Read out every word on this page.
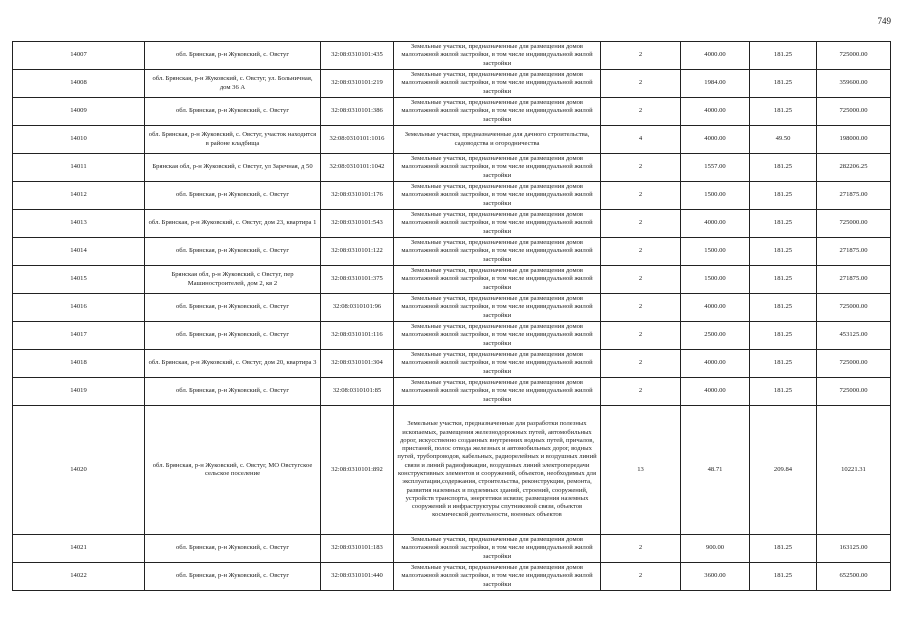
749
14007	обл. Брянская, р-н Жуковский, с. Овстуг	32:08:0310101:435	Земельные участки, предназначенные для размещения домов малоэтажной жилой застройки, в том числе индивидуальной жилой застройки	2	4000.00	181.25	725000.00
14008	обл. Брянская, р-н Жуковский, с. Овстуг, ул. Больничная, дом 36 А	32:08:0310101:219	Земельные участки, предназначенные для размещения домов малоэтажной жилой застройки, в том числе индивидуальной жилой застройки	2	1984.00	181.25	359600.00
14009	обл. Брянская, р-н Жуковский, с. Овстуг	32:08:0310101:386	Земельные участки, предназначенные для размещения домов малоэтажной жилой застройки, в том числе индивидуальной жилой застройки	2	4000.00	181.25	725000.00
14010	обл. Брянская, р-н Жуковский, с. Овстуг, участок находится в районе кладбища	32:08:0310101:1016	Земельные участки, предназначенные для дачного строительства, садоводства и огородничества	4	4000.00	49.50	198000.00
14011	Брянская обл, р-н Жуковский, с Овстуг, ул Заречная, д 50	32:08:0310101:1042	Земельные участки, предназначенные для размещения домов малоэтажной жилой застройки, в том числе индивидуальной жилой застройки	2	1557.00	181.25	282206.25
14012	обл. Брянская, р-н Жуковский, с. Овстуг	32:08:0310101:176	Земельные участки, предназначенные для размещения домов малоэтажной жилой застройки, в том числе индивидуальной жилой застройки	2	1500.00	181.25	271875.00
14013	обл. Брянская, р-н Жуковский, с. Овстуг, дом 23, квартира 1	32:08:0310101:543	Земельные участки, предназначенные для размещения домов малоэтажной жилой застройки, в том числе индивидуальной жилой застройки	2	4000.00	181.25	725000.00
14014	обл. Брянская, р-н Жуковский, с. Овстуг	32:08:0310101:122	Земельные участки, предназначенные для размещения домов малоэтажной жилой застройки, в том числе индивидуальной жилой застройки	2	1500.00	181.25	271875.00
14015	Брянская обл, р-н Жуковский, с Овстуг, пер Машиностроителей, дом 2, кв 2	32:08:0310101:375	Земельные участки, предназначенные для размещения домов малоэтажной жилой застройки, в том числе индивидуальной жилой застройки	2	1500.00	181.25	271875.00
14016	обл. Брянская, р-н Жуковский, с. Овстуг	32:08:0310101:96	Земельные участки, предназначенные для размещения домов малоэтажной жилой застройки, в том числе индивидуальной жилой застройки	2	4000.00	181.25	725000.00
14017	обл. Брянская, р-н Жуковский, с. Овстуг	32:08:0310101:116	Земельные участки, предназначенные для размещения домов малоэтажной жилой застройки, в том числе индивидуальной жилой застройки	2	2500.00	181.25	453125.00
14018	обл. Брянская, р-н Жуковский, с. Овстуг, дом 20, квартира 3	32:08:0310101:304	Земельные участки, предназначенные для размещения домов малоэтажной жилой застройки, в том числе индивидуальной жилой застройки	2	4000.00	181.25	725000.00
14019	обл. Брянская, р-н Жуковский, с. Овстуг	32:08:0310101:85	Земельные участки, предназначенные для размещения домов малоэтажной жилой застройки, в том числе индивидуальной жилой застройки	2	4000.00	181.25	725000.00
14020	обл. Брянская, р-н Жуковский, с. Овстуг, МО Овстугское сельское поселение	32:08:0310101:892	Земельные участки, предназначенные для разработки полезных ископаемых, размещения железнодорожных путей, автомобильных дорог, искусственно созданных внутренних водных путей, причалов, пристаней, полос отвода железных и автомобильных дорог, водных путей, трубопроводов, кабельных, радиорелейных и воздушных линий связи и линий радиофикации, воздушных линий электропередачи конструктивных элементов и сооружений, объектов, необходимых для эксплуатации,содержания, строительства, реконструкции, ремонта, развития наземных и подземных зданий, строений, сооружений, устройств транспорта, энергетики исвязи; размещения наземных сооружений и инфраструктуры спутниковой связи, объектов космической деятельности, военных объектов	13	48.71	209.84	10221.31
14021	обл. Брянская, р-н Жуковский, с. Овстуг	32:08:0310101:183	Земельные участки, предназначенные для размещения домов малоэтажной жилой застройки, в том числе индивидуальной жилой застройки	2	900.00	181.25	163125.00
14022	обл. Брянская, р-н Жуковский, с. Овстуг	32:08:0310101:440	Земельные участки, предназначенные для размещения домов малоэтажной жилой застройки, в том числе индивидуальной жилой застройки	2	3600.00	181.25	652500.00
